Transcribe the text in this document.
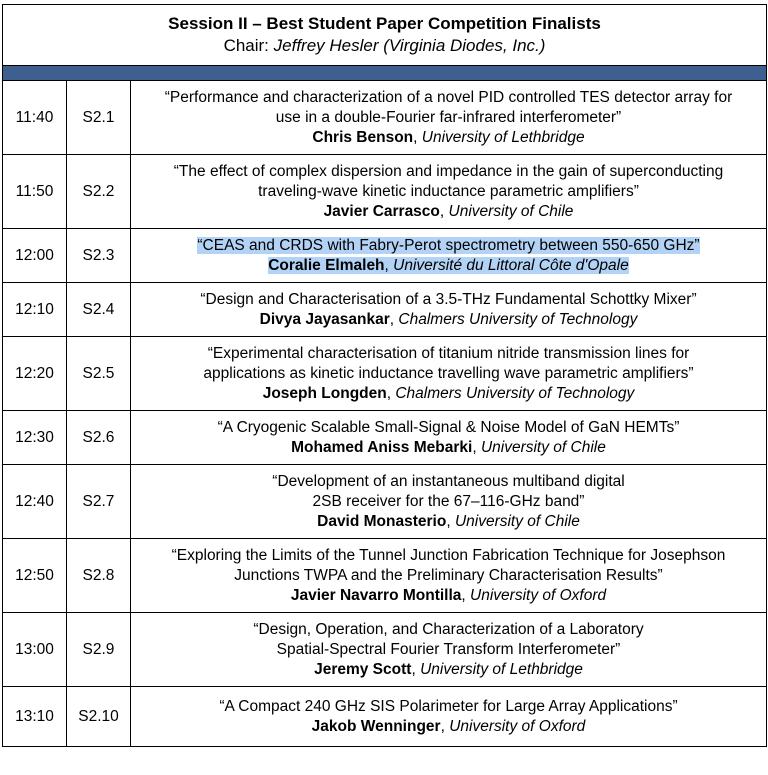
Session II – Best Student Paper Competition Finalists
Chair: Jeffrey Hesler (Virginia Diodes, Inc.)		

11:40	S2.1	“Performance and characterization of a novel PID controlled TES detector array for
use in a double-Fourier far-infrared interferometer”
Chris Benson, University of Lethbridge

11:50	S2.2	“The effect of complex dispersion and impedance in the gain of superconducting
traveling-wave kinetic inductance parametric amplifiers”
Javier Carrasco, University of Chile

12:00	S2.3	“CEAS and CRDS with Fabry-Perot spectrometry between 550-650 GHz”
Coralie Elmaleh, Université du Littoral Côte d'Opale

12:10	S2.4	“Design and Characterisation of a 3.5-THz Fundamental Schottky Mixer”
Divya Jayasankar, Chalmers University of Technology

12:20	S2.5	“Experimental characterisation of titanium nitride transmission lines for
applications as kinetic inductance travelling wave parametric amplifiers”
Joseph Longden, Chalmers University of Technology

12:30	S2.6	“A Cryogenic Scalable Small-Signal & Noise Model of GaN HEMTs”
Mohamed Aniss Mebarki, University of Chile

12:40	S2.7	“Development of an instantaneous multiband digital
2SB receiver for the 67–116-GHz band”
David Monasterio, University of Chile

12:50	S2.8	“Exploring the Limits of the Tunnel Junction Fabrication Technique for Josephson
Junctions TWPA and the Preliminary Characterisation Results”
Javier Navarro Montilla, University of Oxford

13:00	S2.9	“Design, Operation, and Characterization of a Laboratory
Spatial-Spectral Fourier Transform Interferometer”
Jeremy Scott, University of Lethbridge

13:10	S2.10	“A Compact 240 GHz SIS Polarimeter for Large Array Applications”
Jakob Wenninger, University of Oxford
